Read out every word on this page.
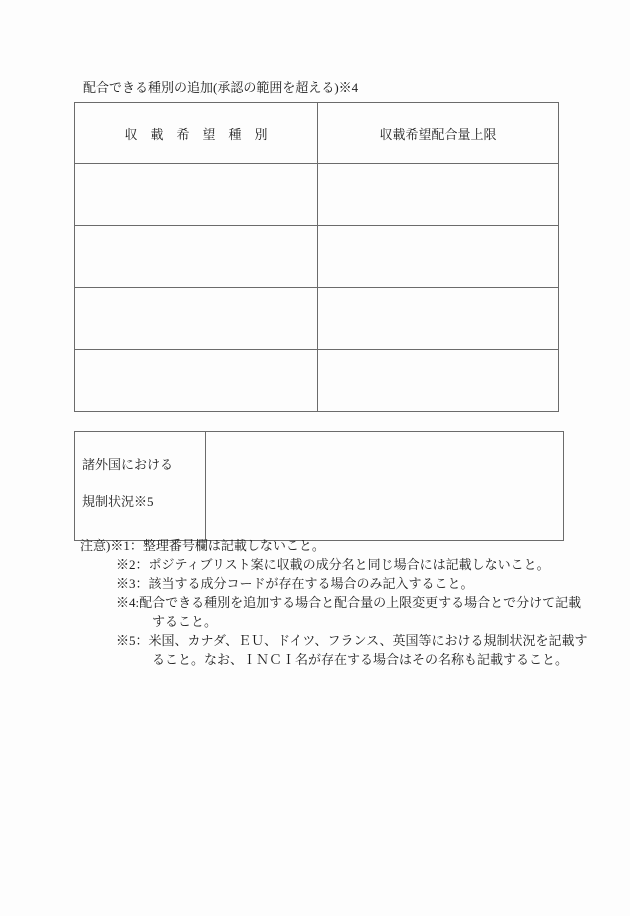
配合できる種別の追加(承認の範囲を超える)※4
収　載　希　望　種　別	収載希望配合量上限

諸外国における
規制状況※5

注意)※1：整理番号欄は記載しないこと。
※2：ポジティブリスト案に収載の成分名と同じ場合には記載しないこと。
※3：該当する成分コードが存在する場合のみ記入すること。
※4:配合できる種別を追加する場合と配合量の上限変更する場合とで分けて記載
すること。
※5：米国、カナダ、ＥＵ、ドイツ、フランス、英国等における規制状況を記載す
ること。なお、ＩＮＣＩ名が存在する場合はその名称も記載すること。
